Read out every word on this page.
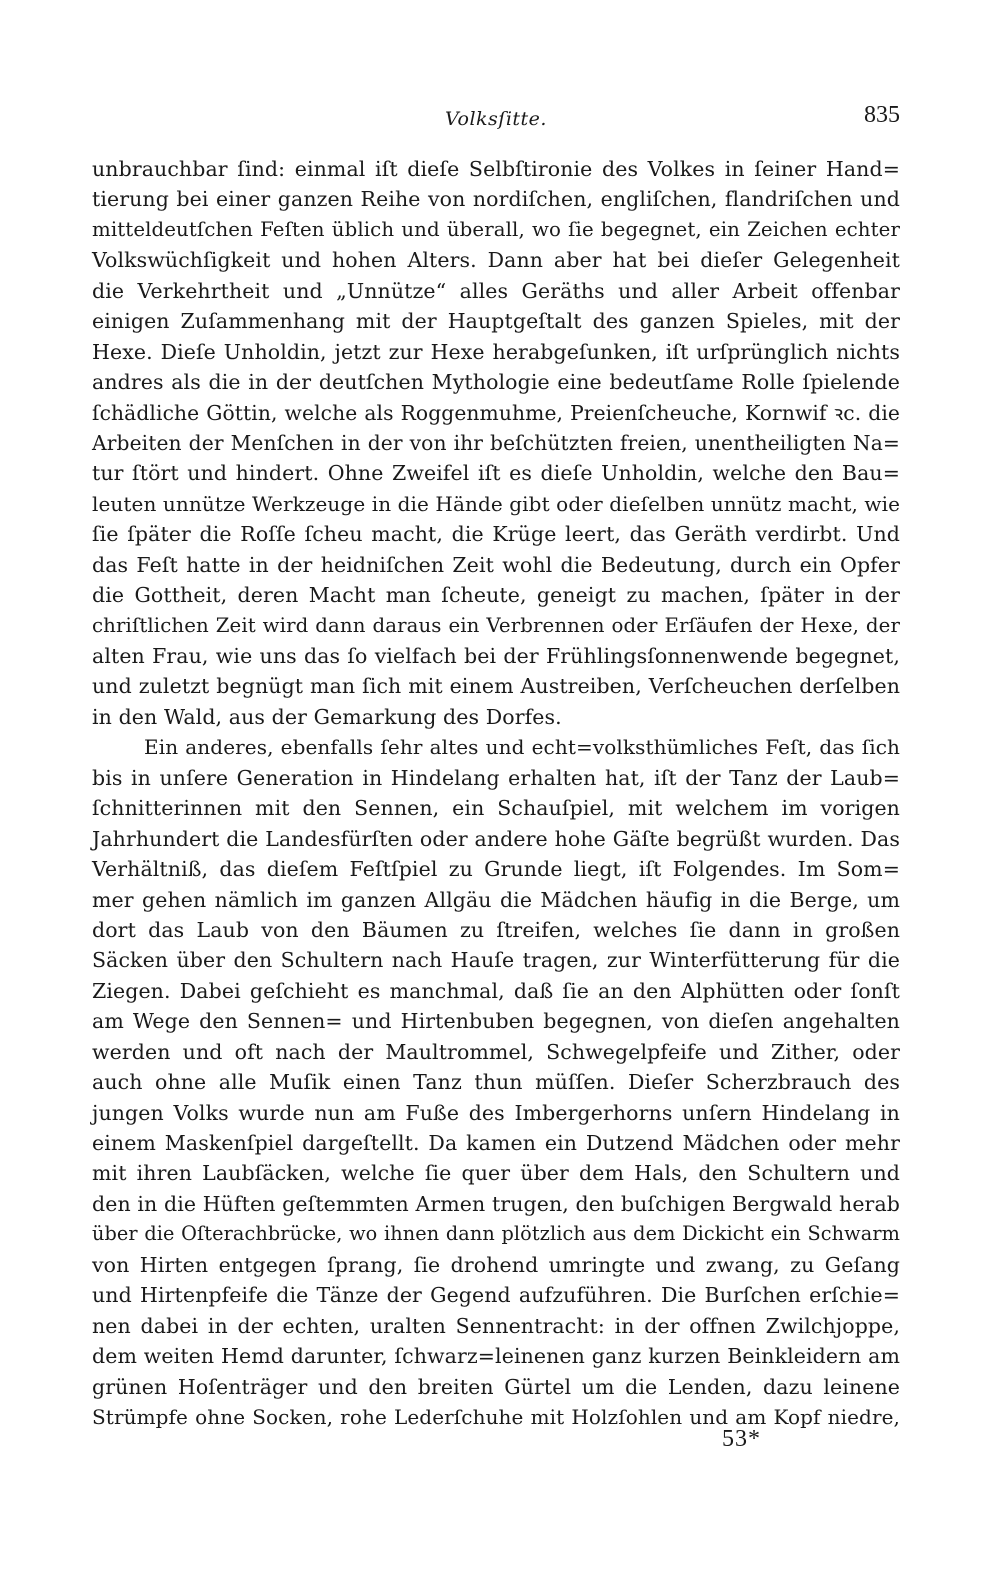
Volksſitte.	835
unbrauchbar ſind: einmal iſt dieſe Selbſtironie des Volkes in ſeiner Hand=
tierung bei einer ganzen Reihe von nordiſchen, engliſchen, flandriſchen und
mitteldeutſchen Feſten üblich und überall, wo ſie begegnet, ein Zeichen echter
Volkswüchſigkeit und hohen Alters. Dann aber hat bei dieſer Gelegenheit
die Verkehrtheit und „Unnütze“ alles Geräths und aller Arbeit offenbar
einigen Zuſammenhang mit der Hauptgeſtalt des ganzen Spieles, mit der
Hexe. Dieſe Unholdin, jetzt zur Hexe herabgeſunken, iſt urſprünglich nichts
andres als die in der deutſchen Mythologie eine bedeutſame Rolle ſpielende
ſchädliche Göttin, welche als Roggenmuhme, Preienſcheuche, Kornwif ꝛc. die
Arbeiten der Menſchen in der von ihr beſchützten freien, unentheiligten Na=
tur ſtört und hindert. Ohne Zweifel iſt es dieſe Unholdin, welche den Bau=
leuten unnütze Werkzeuge in die Hände gibt oder dieſelben unnütz macht, wie
ſie ſpäter die Roſſe ſcheu macht, die Krüge leert, das Geräth verdirbt. Und
das Feſt hatte in der heidniſchen Zeit wohl die Bedeutung, durch ein Opfer
die Gottheit, deren Macht man ſcheute, geneigt zu machen, ſpäter in der
chriſtlichen Zeit wird dann daraus ein Verbrennen oder Erſäufen der Hexe, der
alten Frau, wie uns das ſo vielfach bei der Frühlingsſonnenwende begegnet,
und zuletzt begnügt man ſich mit einem Austreiben, Verſcheuchen derſelben
in den Wald, aus der Gemarkung des Dorfes.
Ein anderes, ebenfalls ſehr altes und echt=volksthümliches Feſt, das ſich
bis in unſere Generation in Hindelang erhalten hat, iſt der Tanz der Laub=
ſchnitterinnen mit den Sennen, ein Schauſpiel, mit welchem im vorigen
Jahrhundert die Landesfürſten oder andere hohe Gäſte begrüßt wurden. Das
Verhältniß, das dieſem Feſtſpiel zu Grunde liegt, iſt Folgendes. Im Som=
mer gehen nämlich im ganzen Allgäu die Mädchen häufig in die Berge, um
dort das Laub von den Bäumen zu ſtreifen, welches ſie dann in großen
Säcken über den Schultern nach Hauſe tragen, zur Winterfütterung für die
Ziegen. Dabei geſchieht es manchmal, daß ſie an den Alphütten oder ſonſt
am Wege den Sennen= und Hirtenbuben begegnen, von dieſen angehalten
werden und oft nach der Maultrommel, Schwegelpfeife und Zither, oder
auch ohne alle Muſik einen Tanz thun müſſen. Dieſer Scherzbrauch des
jungen Volks wurde nun am Fuße des Imbergerhorns unſern Hindelang in
einem Maskenſpiel dargeſtellt. Da kamen ein Dutzend Mädchen oder mehr
mit ihren Laubſäcken, welche ſie quer über dem Hals, den Schultern und
den in die Hüften geſtemmten Armen trugen, den buſchigen Bergwald herab
über die Oſterachbrücke, wo ihnen dann plötzlich aus dem Dickicht ein Schwarm
von Hirten entgegen ſprang, ſie drohend umringte und zwang, zu Geſang
und Hirtenpfeife die Tänze der Gegend aufzuführen. Die Burſchen erſchie=
nen dabei in der echten, uralten Sennentracht: in der offnen Zwilchjoppe,
dem weiten Hemd darunter, ſchwarz=leinenen ganz kurzen Beinkleidern am
grünen Hoſenträger und den breiten Gürtel um die Lenden, dazu leinene
Strümpfe ohne Socken, rohe Lederſchuhe mit Holzſohlen und am Kopf niedre,
53*
